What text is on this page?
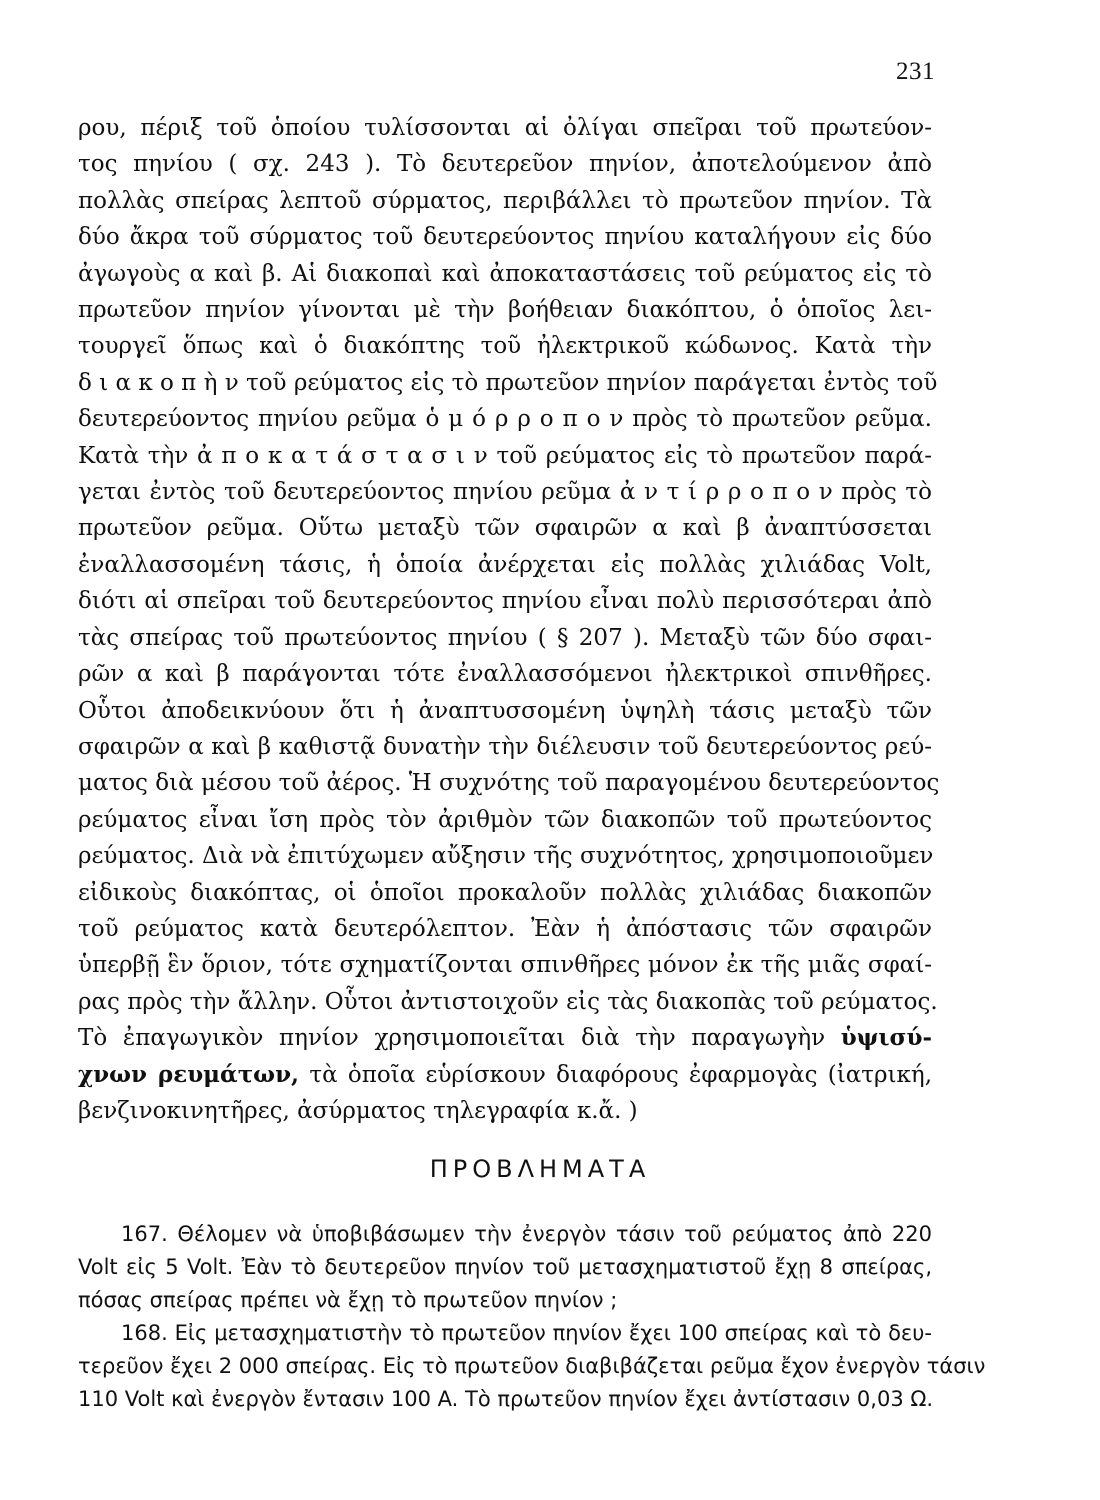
231
ρου, πέριξ τοῦ ὁποίου τυλίσσονται αἱ ὀλίγαι σπεῖραι τοῦ πρωτεύον-
τος πηνίου ( σχ. 243 ). Τὸ δευτερεῦον πηνίον, ἀποτελούμενον ἀπὸ
πολλὰς σπείρας λεπτοῦ σύρματος, περιβάλλει τὸ πρωτεῦον πηνίον. Τὰ
δύο ἄκρα τοῦ σύρματος τοῦ δευτερεύοντος πηνίου καταλήγουν εἰς δύο
ἀγωγοὺς α καὶ β. Αἱ διακοπαὶ καὶ ἀποκαταστάσεις τοῦ ρεύματος εἰς τὸ
πρωτεῦον πηνίον γίνονται μὲ τὴν βοήθειαν διακόπτου, ὁ ὁποῖος λει-
τουργεῖ ὅπως καὶ ὁ διακόπτης τοῦ ἠλεκτρικοῦ κώδωνος. Κατὰ τὴν
δ ι α κ ο π ὴ ν τοῦ ρεύματος εἰς τὸ πρωτεῦον πηνίον παράγεται ἐντὸς τοῦ
δευτερεύοντος πηνίου ρεῦμα ὁ μ ό ρ ρ ο π ο ν πρὸς τὸ πρωτεῦον ρεῦμα.
Κατὰ τὴν ἀ π ο κ α τ ά σ τ α σ ι ν τοῦ ρεύματος εἰς τὸ πρωτεῦον παρά-
γεται ἐντὸς τοῦ δευτερεύοντος πηνίου ρεῦμα ἀ ν τ ί ρ ρ ο π ο ν πρὸς τὸ
πρωτεῦον ρεῦμα. Οὕτω μεταξὺ τῶν σφαιρῶν α καὶ β ἀναπτύσσεται
ἐναλλασσομένη τάσις, ἡ ὁποία ἀνέρχεται εἰς πολλὰς χιλιάδας Volt,
διότι αἱ σπεῖραι τοῦ δευτερεύοντος πηνίου εἶναι πολὺ περισσότεραι ἀπὸ
τὰς σπείρας τοῦ πρωτεύοντος πηνίου ( § 207 ). Μεταξὺ τῶν δύο σφαι-
ρῶν α καὶ β παράγονται τότε ἐναλλασσόμενοι ἠλεκτρικοὶ σπινθῆρες.
Οὗτοι ἀποδεικνύουν ὅτι ἡ ἀναπτυσσομένη ὑψηλὴ τάσις μεταξὺ τῶν
σφαιρῶν α καὶ β καθιστᾷ δυνατὴν τὴν διέλευσιν τοῦ δευτερεύοντος ρεύ-
ματος διὰ μέσου τοῦ ἀέρος. Ἡ συχνότης τοῦ παραγομένου δευτερεύοντος
ρεύματος εἶναι ἴση πρὸς τὸν ἀριθμὸν τῶν διακοπῶν τοῦ πρωτεύοντος
ρεύματος. Διὰ νὰ ἐπιτύχωμεν αὔξησιν τῆς συχνότητος, χρησιμοποιοῦμεν
εἰδικοὺς διακόπτας, οἱ ὁποῖοι προκαλοῦν πολλὰς χιλιάδας διακοπῶν
τοῦ ρεύματος κατὰ δευτερόλεπτον. Ἐὰν ἡ ἀπόστασις τῶν σφαιρῶν
ὑπερβῇ ἓν ὅριον, τότε σχηματίζονται σπινθῆρες μόνον ἐκ τῆς μιᾶς σφαί-
ρας πρὸς τὴν ἄλλην. Οὗτοι ἀντιστοιχοῦν εἰς τὰς διακοπὰς τοῦ ρεύματος.
Τὸ ἐπαγωγικὸν πηνίον χρησιμοποιεῖται διὰ τὴν παραγωγὴν ὑψισύ-
χνων ρευμάτων, τὰ ὁποῖα εὑρίσκουν διαφόρους ἐφαρμογὰς (ἰατρική,
βενζινοκινητῆρες, ἀσύρματος τηλεγραφία κ.ἄ. )
ΠΡΟΒΛΗΜΑΤΑ
167. Θέλομεν νὰ ὑποβιβάσωμεν τὴν ἐνεργὸν τάσιν τοῦ ρεύματος ἀπὸ 220
Volt εἰς 5 Volt. Ἐὰν τὸ δευτερεῦον πηνίον τοῦ μετασχηματιστοῦ ἔχῃ 8 σπείρας,
πόσας σπείρας πρέπει νὰ ἔχῃ τὸ πρωτεῦον πηνίον ;
168. Εἰς μετασχηματιστὴν τὸ πρωτεῦον πηνίον ἔχει 100 σπείρας καὶ τὸ δευ-
τερεῦον ἔχει 2 000 σπείρας. Εἰς τὸ πρωτεῦον διαβιβάζεται ρεῦμα ἔχον ἐνεργὸν τάσιν
110 Volt καὶ ἐνεργὸν ἔντασιν 100 A. Τὸ πρωτεῦον πηνίον ἔχει ἀντίστασιν 0,03 Ω.
